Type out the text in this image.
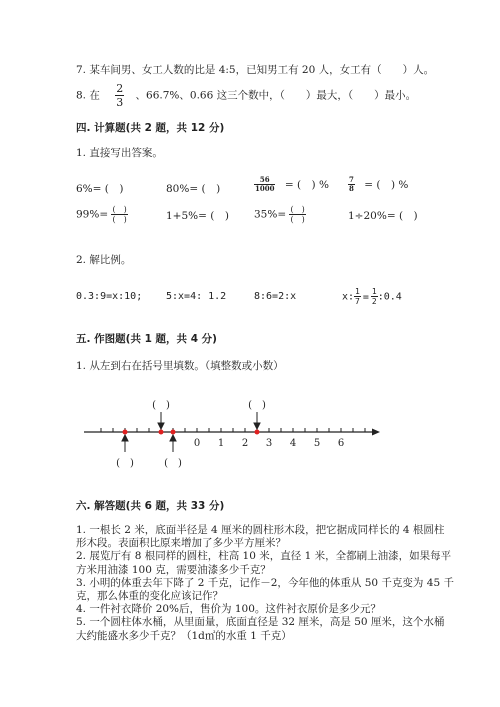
7. 某车间男、女工人数的比是 4:5，已知男工有 20 人，女工有（　　）人。
8. 在 $\frac{2}{3}$ 、66.7%、0.66 这三个数中，（　　）最大，（　　）最小。
四. 计算题(共 2 题，共 12 分)
1. 直接写出答案。
6%= (　)	80%= (　)	$\frac{56}{1000}$ = (　) %	$\frac{7}{8}$ = (　) %
$99\%= \frac{( )}{( )}$	1+5%= (　) $35\%= \frac{( )}{( )}$	1÷20%= (　)
2. 解比例。
0.3:9=x:10; 5:x=4: 1.2	8:6=2:x	x: $\frac{1}{7} = \frac{1}{2}$ :0.4
五. 作图题(共 1 题，共 4 分)
1. 从左到右在括号里填数。（填整数或小数）
0 1 2 3 4 5 6
(　)	(　)
(　)	(　)
六. 解答题(共 6 题，共 33 分)
1. 一根长 2 米，底面半径是 4 厘米的圆柱形木段，把它据成同样长的 4 根圆柱
形木段。表面积比原来增加了多少平方厘米？
2. 展览厅有 8 根同样的圆柱，柱高 10 米，直径 1 米，全都刷上油漆，如果每平
方米用油漆 100 克，需要油漆多少千克？
3. 小明的体重去年下降了 2 千克，记作－2，今年他的体重从 50 千克变为 45 千
克，那么体重的变化应该记作？
4. 一件衬衣降价 20%后，售价为 100。这件衬衣原价是多少元？
5. 一个圆柱体水桶，从里面量，底面直径是 32 厘米，高是 50 厘米，这个水桶
大约能盛水多少千克？（1d㎡的水重 1 千克）
